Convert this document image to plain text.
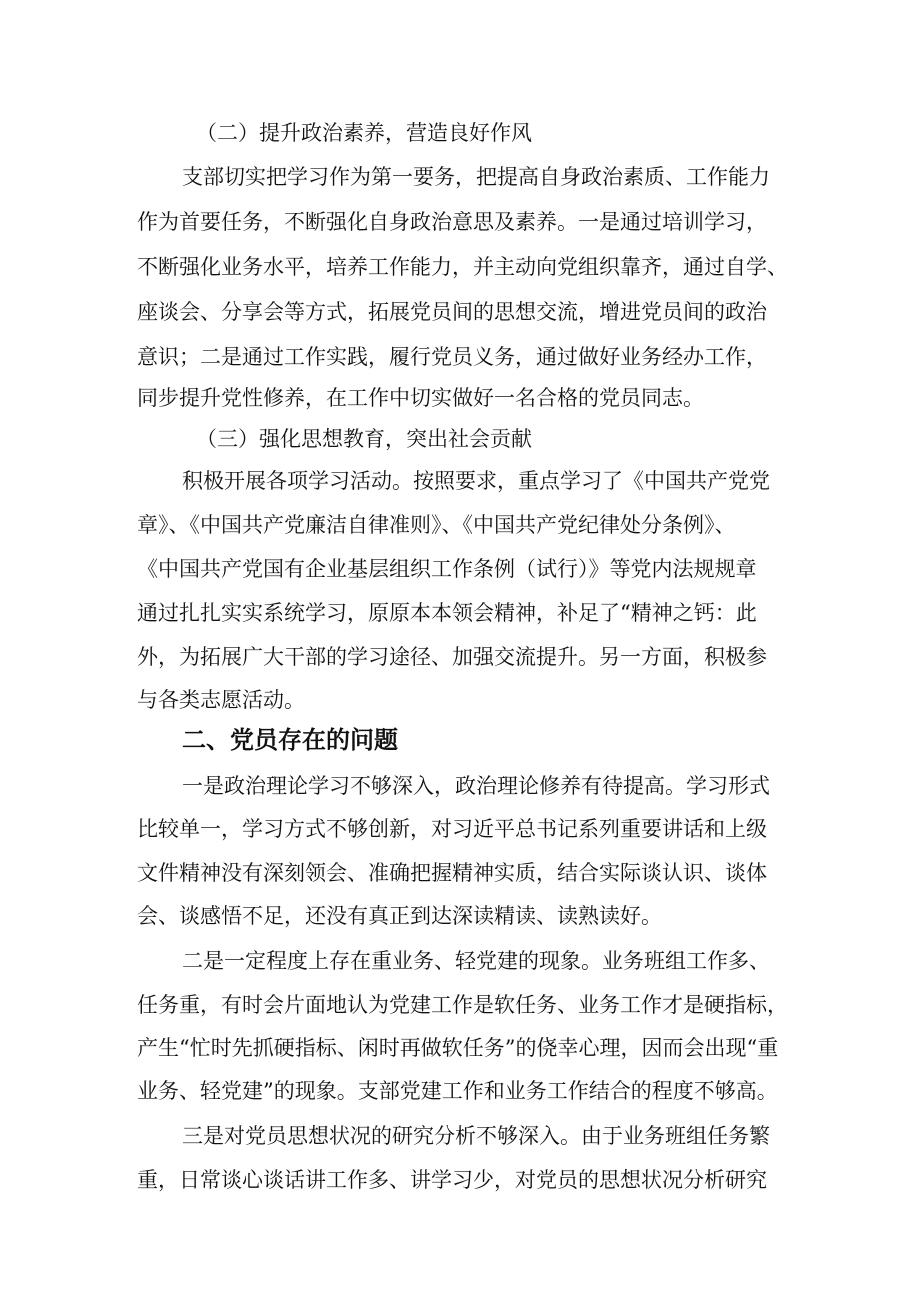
（二）提升政治素养，营造良好作风
支部切实把学习作为第一要务，把提高自身政治素质、工作能力
作为首要任务，不断强化自身政治意思及素养。一是通过培训学习，
不断强化业务水平，培养工作能力，并主动向党组织靠齐，通过自学、
座谈会、分享会等方式，拓展党员间的思想交流，增进党员间的政治
意识；二是通过工作实践，履行党员义务，通过做好业务经办工作，
同步提升党性修养，在工作中切实做好一名合格的党员同志。
（三）强化思想教育，突出社会贡献
积极开展各项学习活动。按照要求，重点学习了《中国共产党党
章》、《中国共产党廉洁自律准则》、《中国共产党纪律处分条例》、
《中国共产党国有企业基层组织工作条例（试行）》等党内法规规章
通过扎扎实实系统学习，原原本本领会精神，补足了“精神之钙：此
外，为拓展广大干部的学习途径、加强交流提升。另一方面，积极参
与各类志愿活动。
二、党员存在的问题
一是政治理论学习不够深入，政治理论修养有待提高。学习形式
比较单一，学习方式不够创新，对习近平总书记系列重要讲话和上级
文件精神没有深刻领会、准确把握精神实质，结合实际谈认识、谈体
会、谈感悟不足，还没有真正到达深读精读、读熟读好。
二是一定程度上存在重业务、轻党建的现象。业务班组工作多、
任务重，有时会片面地认为党建工作是软任务、业务工作才是硬指标，
产生“忙时先抓硬指标、闲时再做软任务”的侥幸心理，因而会出现“重
业务、轻党建”的现象。支部党建工作和业务工作结合的程度不够高。
三是对党员思想状况的研究分析不够深入。由于业务班组任务繁
重，日常谈心谈话讲工作多、讲学习少，对党员的思想状况分析研究
